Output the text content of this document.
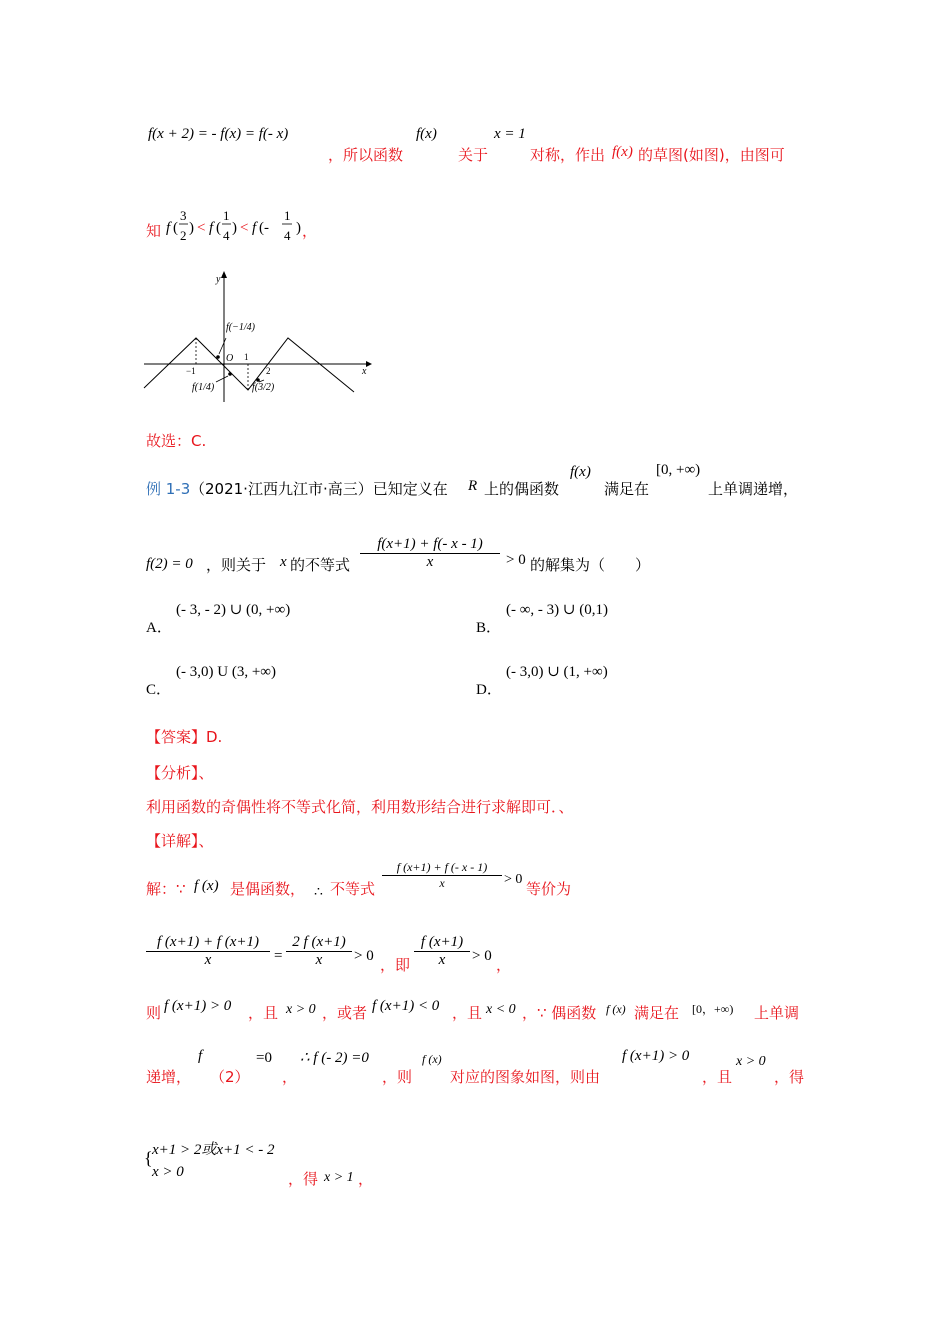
f(x + 2) = - f(x) = f(- x)
，所以函数
f(x)
关于
x = 1
对称，作出 f(x) 的草图(如图)，由图可
知 f (
3
2 ) < f (
1
4 ) < f (-
1
4 ) ，
y
x
−1
O 1
2
f(−1/4)
f(1/4)	f(3/2)
故选：C.
例 1-3 （2021·江西九江市·高三）已知定义在 R 上的偶函数
f(x)
满足在
[0, +∞)
上单调递增，
f(2) = 0 ，则关于 x 的不等式 $\frac{f(x+1) + f(- x - 1)}{x} > 0$ 的解集为（　　）
A．
(- 3, - 2) ∪ (0, +∞)
B．
(- ∞, - 3) ∪ (0,1)
C．
(- 3,0) U (3, +∞)
D．
(- 3,0) ∪ (1, +∞)
【答案】D.
【分析】、
利用函数的奇偶性将不等式化简，利用数形结合进行求解即可．、
【详解】、
解：∵ f (x) 是偶函数， ∴ 不等式 $\frac{f (x+1) + f (- x - 1)}{x} > 0$
等价为
$\frac{f (x+1) + f (x+1)}{x} = \frac{2 f (x+1)}{x} > 0$ ，即 $\frac{f (x+1)}{x} > 0$ ，
则 f (x+1) > 0 ，且 x > 0 ，或者 f (x+1) < 0 ，且 x < 0 ，∵ 偶函数 f (x) 满足在 [0，+∞) 上单调
递增，
f
（2）
=0
，
∴ f (- 2) =0
，则
f (x)
对应的图象如图，则由
f (x+1) > 0
，且
x > 0
，得
{ x+1 > 2或x+1 < - 2
x > 0	，得 x > 1 ，
